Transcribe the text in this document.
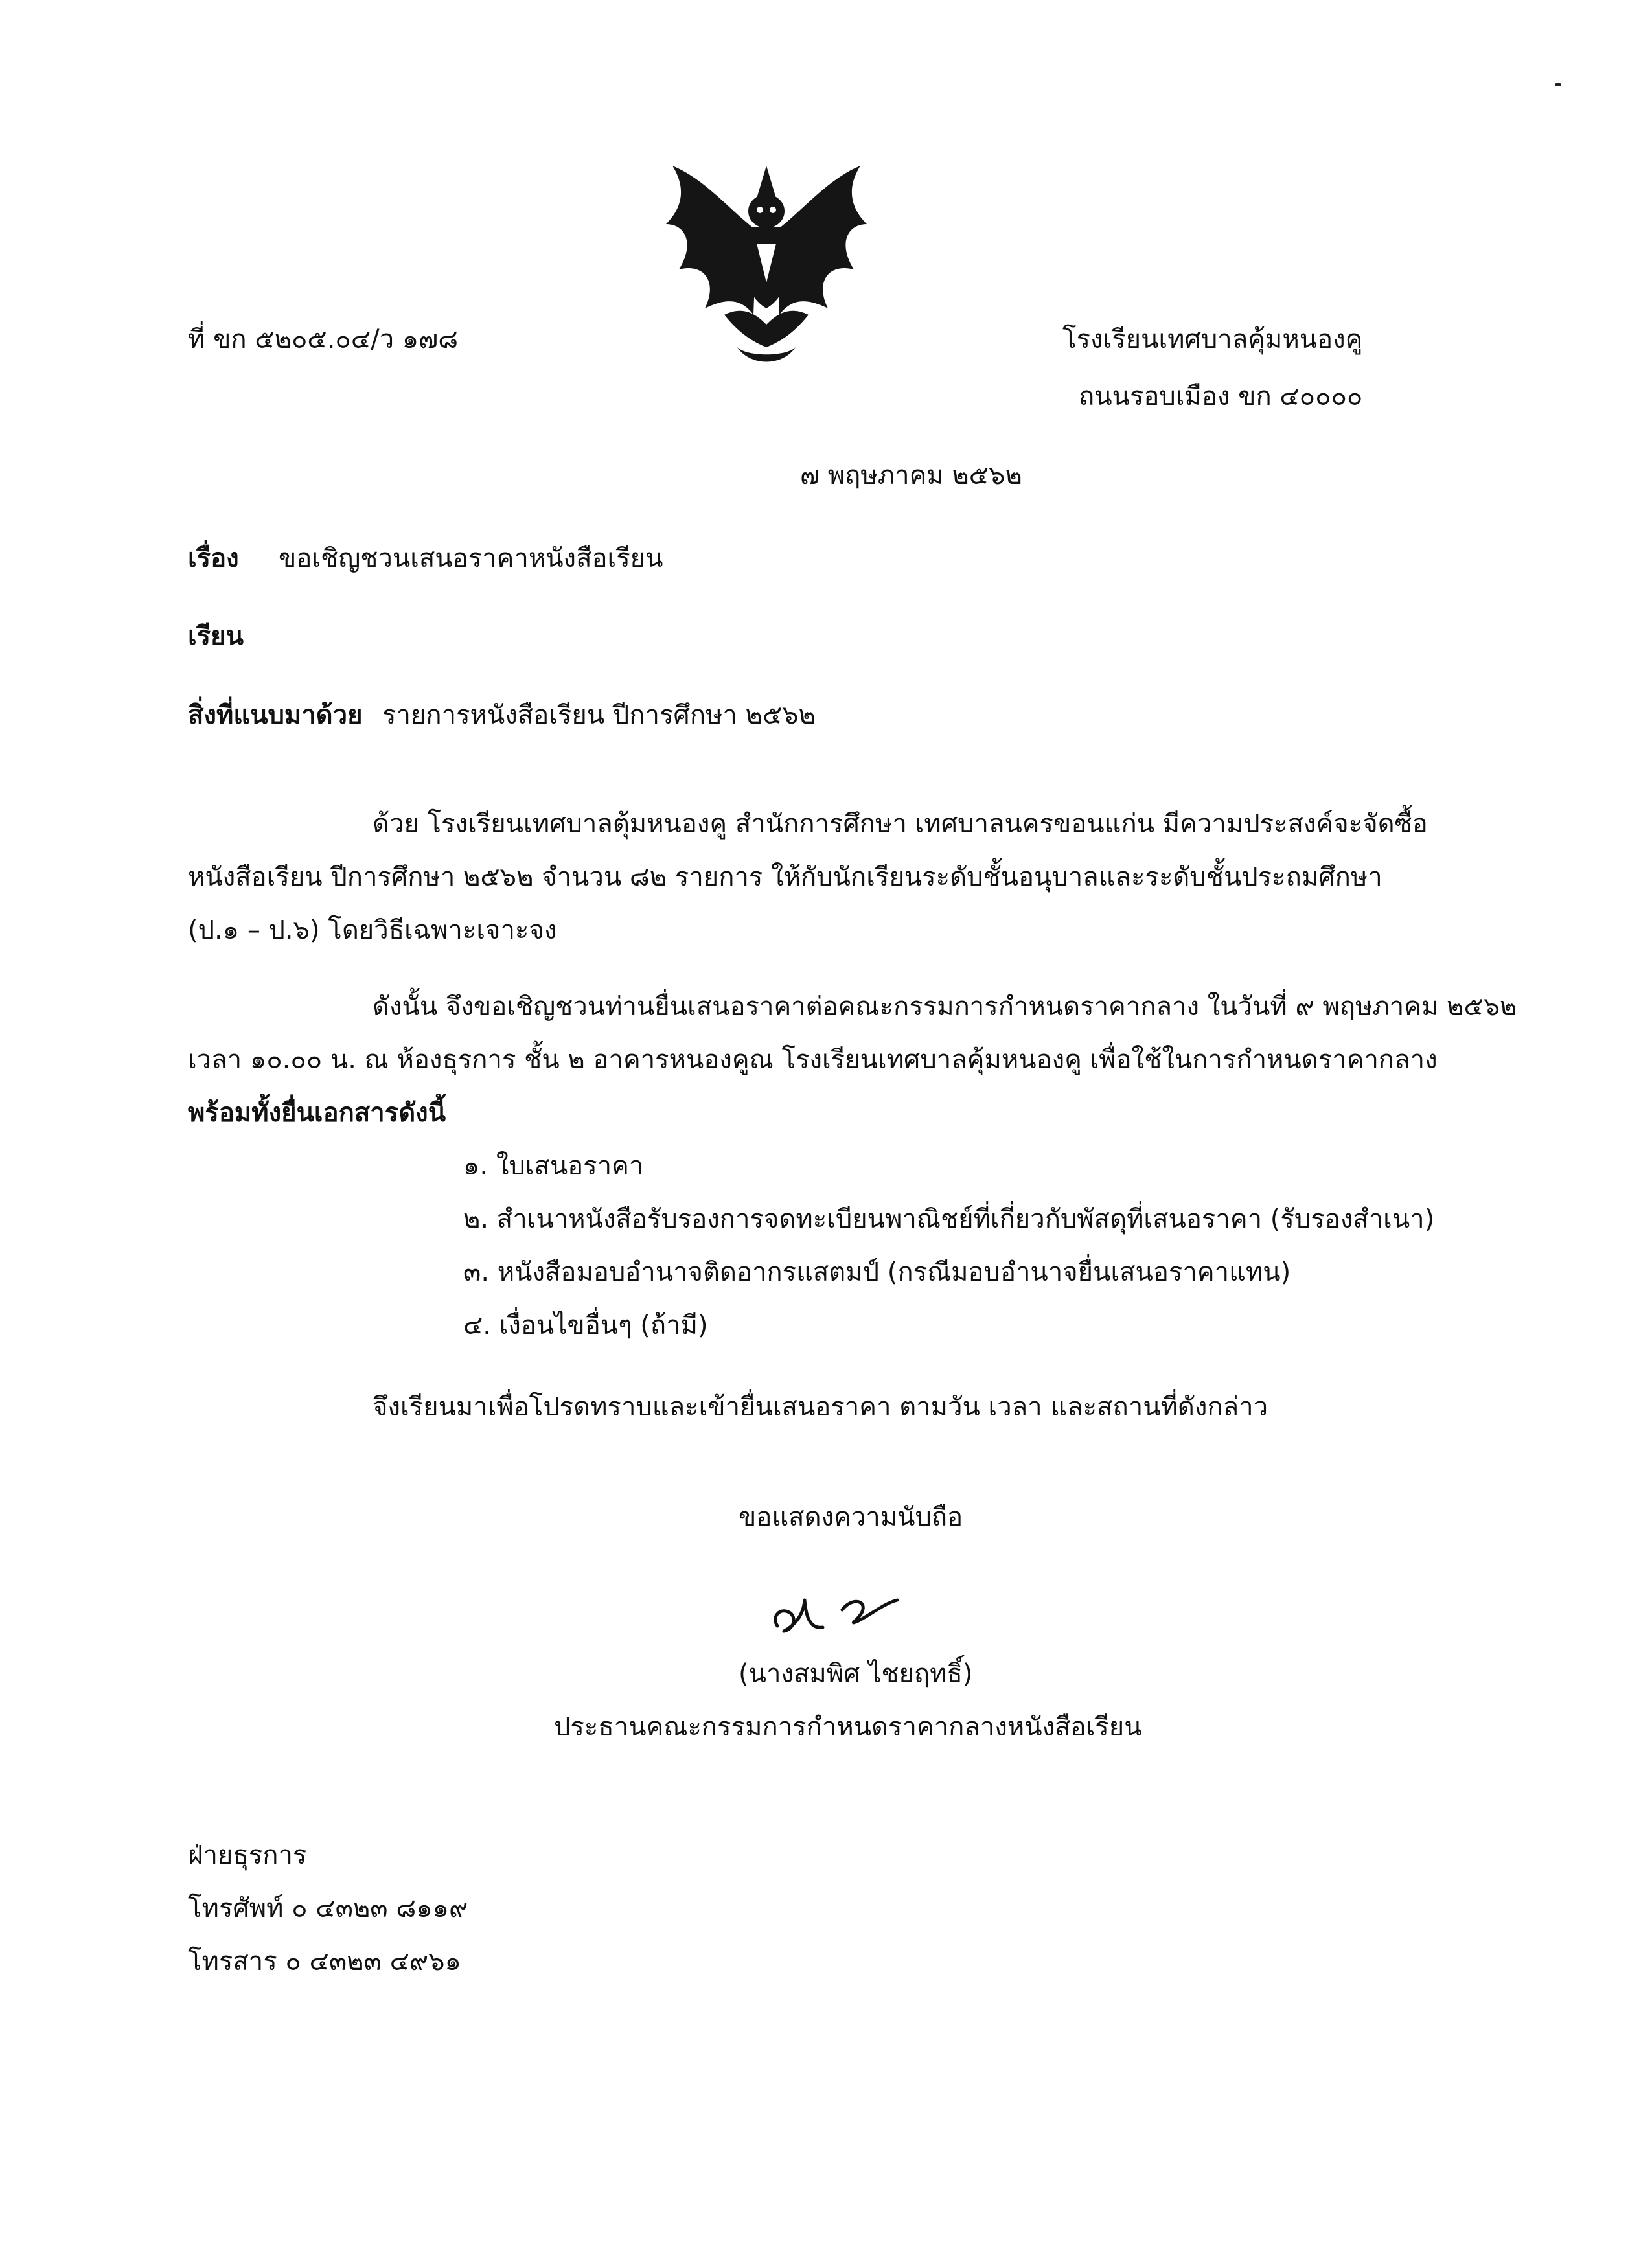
ที่ ขก ๕๒๐๕.๐๔/ว ๑๗๘	โรงเรียนเทศบาลคุ้มหนองคู
ถนนรอบเมือง ขก ๔๐๐๐๐
๗ พฤษภาคม ๒๕๖๒
เรื่อง ขอเชิญชวนเสนอราคาหนังสือเรียน
เรียน
สิ่งที่แนบมาด้วย รายการหนังสือเรียน ปีการศึกษา ๒๕๖๒
ด้วย โรงเรียนเทศบาลตุ้มหนองคู สำนักการศึกษา เทศบาลนครขอนแก่น มีความประสงค์จะจัดซื้อ
หนังสือเรียน ปีการศึกษา ๒๕๖๒ จำนวน ๘๒ รายการ ให้กับนักเรียนระดับชั้นอนุบาลและระดับชั้นประถมศึกษา
(ป.๑ – ป.๖) โดยวิธีเฉพาะเจาะจง
ดังนั้น จึงขอเชิญชวนท่านยื่นเสนอราคาต่อคณะกรรมการกำหนดราคากลาง ในวันที่ ๙ พฤษภาคม ๒๕๖๒
เวลา ๑๐.๐๐ น. ณ ห้องธุรการ ชั้น ๒ อาคารหนองคูณ โรงเรียนเทศบาลคุ้มหนองคู เพื่อใช้ในการกำหนดราคากลาง
พร้อมทั้งยื่นเอกสารดังนี้
๑. ใบเสนอราคา
๒. สำเนาหนังสือรับรองการจดทะเบียนพาณิชย์ที่เกี่ยวกับพัสดุที่เสนอราคา (รับรองสำเนา)
๓. หนังสือมอบอำนาจติดอากรแสตมป์ (กรณีมอบอำนาจยื่นเสนอราคาแทน)
๔. เงื่อนไขอื่นๆ (ถ้ามี)
จึงเรียนมาเพื่อโปรดทราบและเข้ายื่นเสนอราคา ตามวัน เวลา และสถานที่ดังกล่าว
ขอแสดงความนับถือ
(นางสมพิศ ไชยฤทธิ์)
ประธานคณะกรรมการกำหนดราคากลางหนังสือเรียน
ฝ่ายธุรการ
โทรศัพท์ ๐ ๔๓๒๓ ๘๑๑๙
โทรสาร ๐ ๔๓๒๓ ๔๙๖๑
